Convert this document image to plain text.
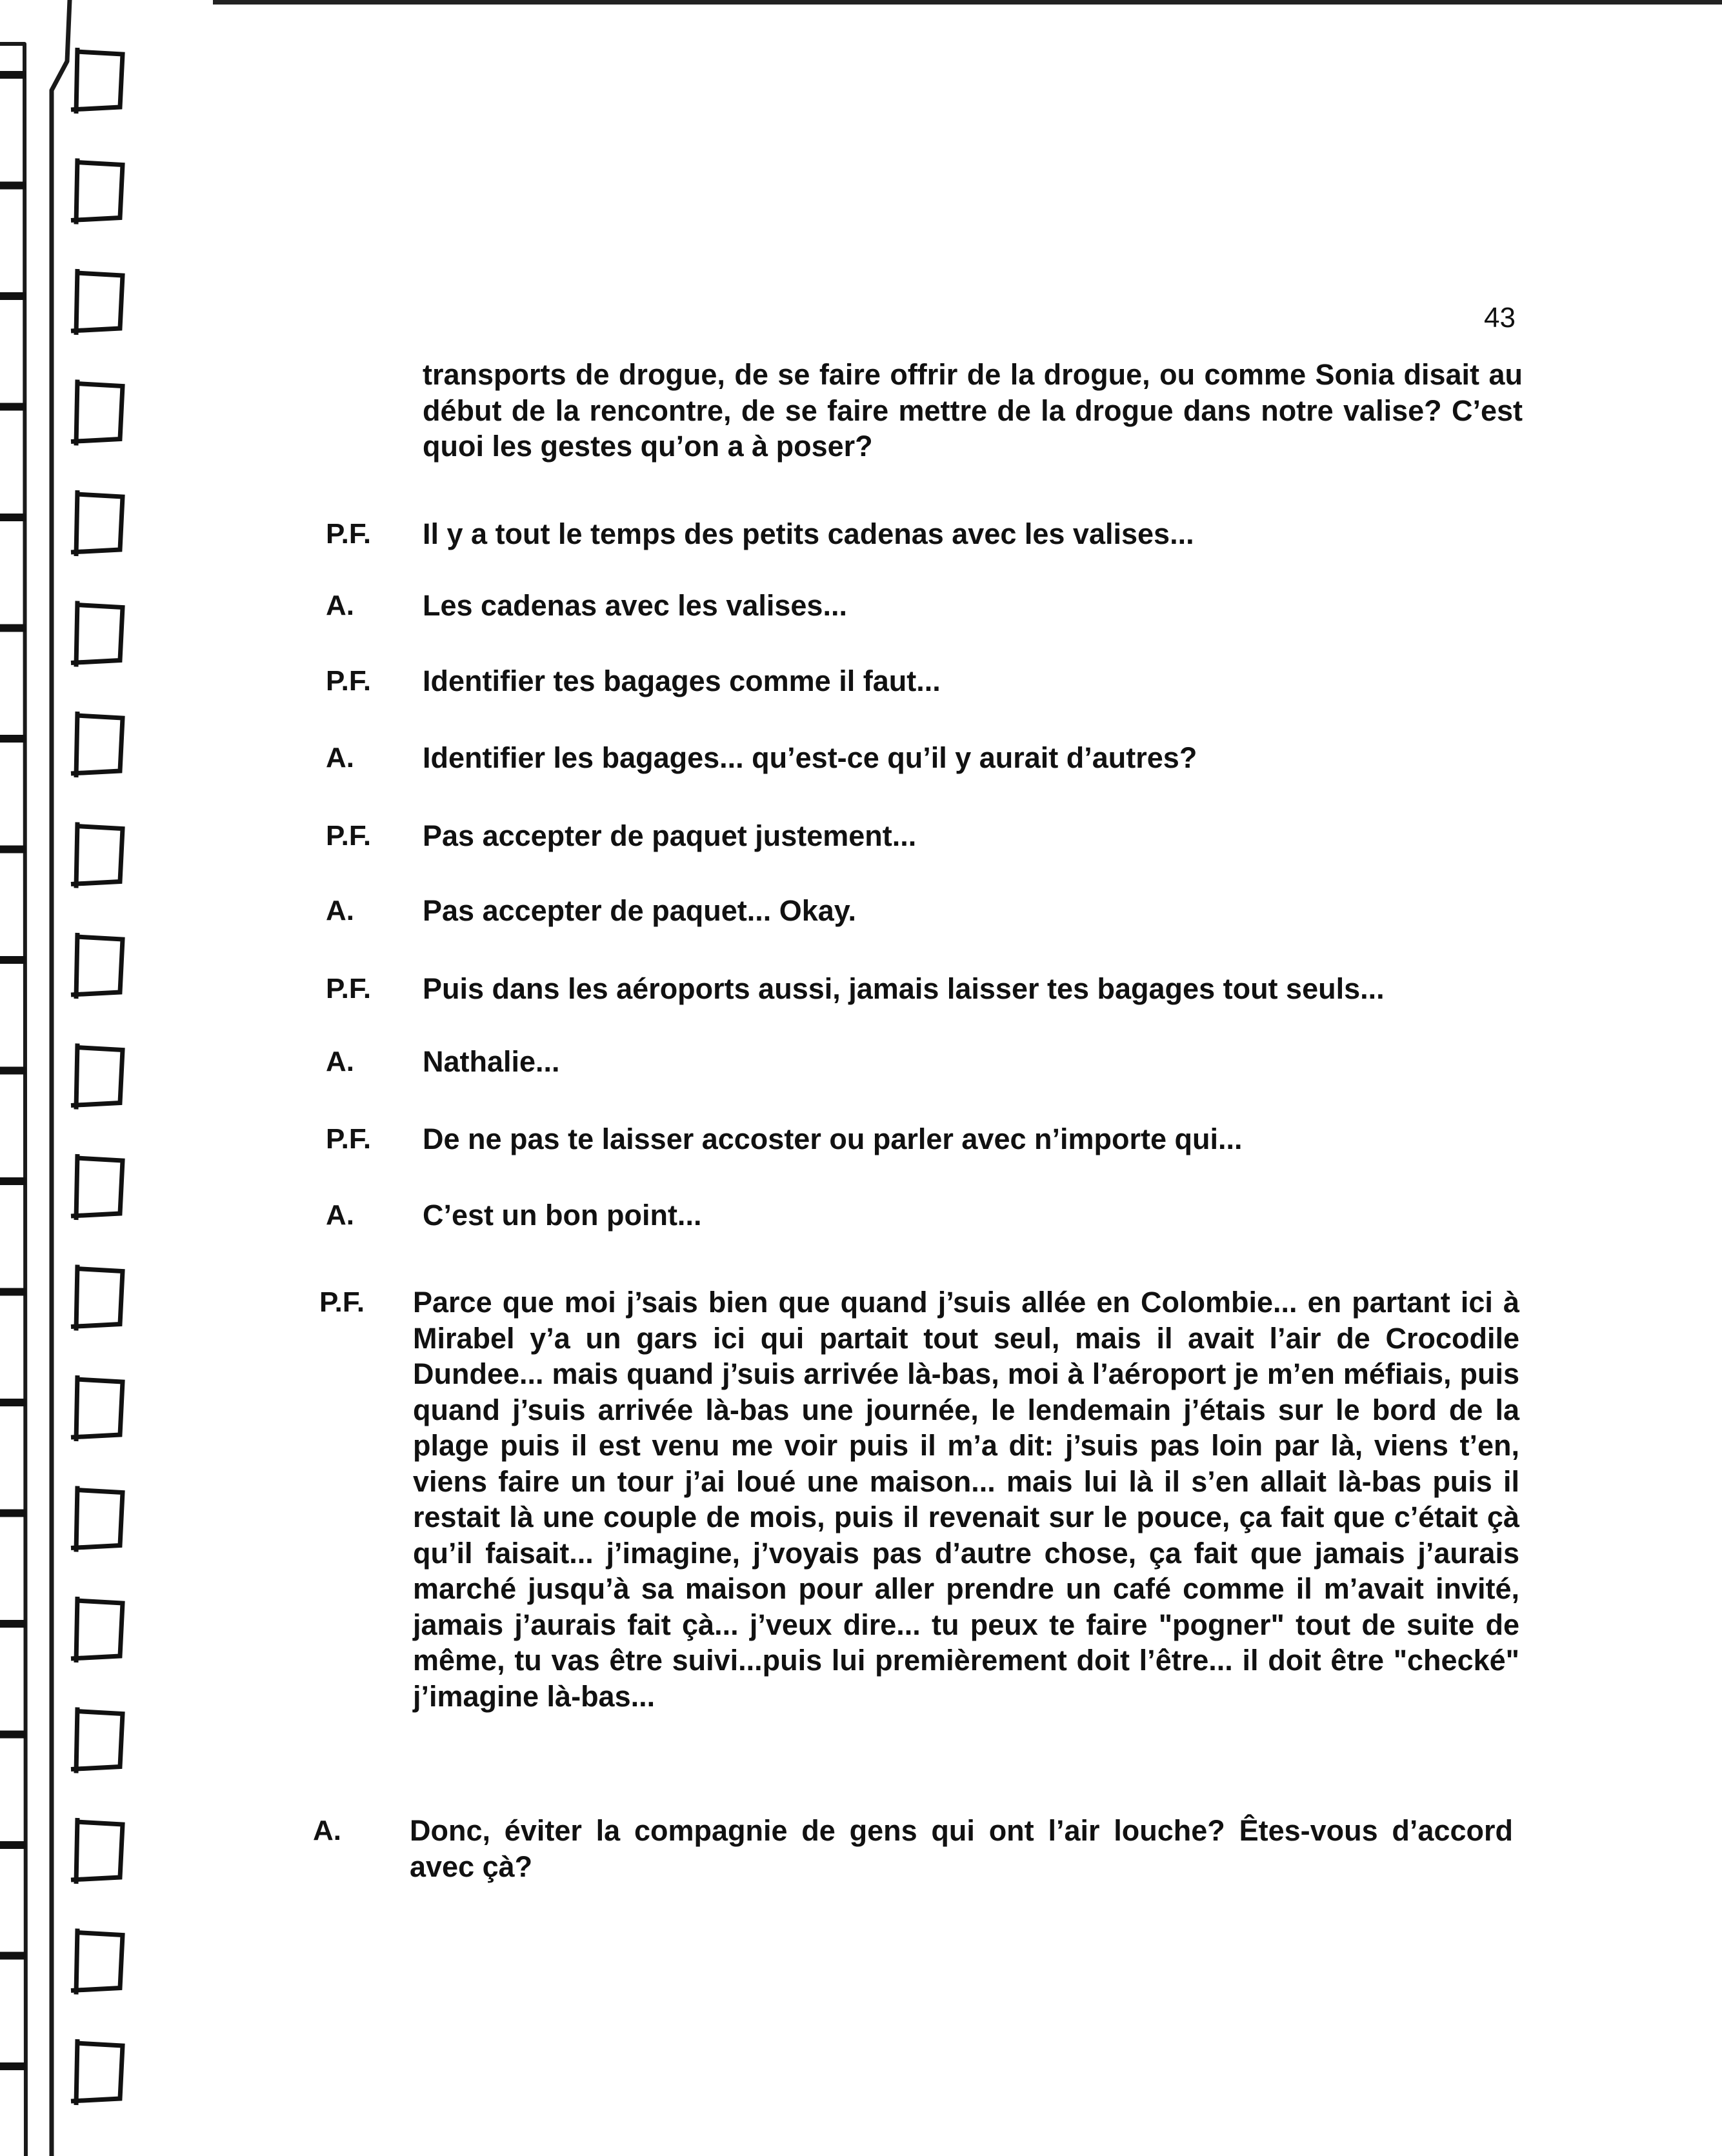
43
transports de drogue, de se faire offrir de la drogue, ou comme Sonia disait au début de la rencontre, de se faire mettre de la drogue dans notre valise? C’est quoi les gestes qu’on a à poser?
P.F. Il y a tout le temps des petits cadenas avec les valises...
A. Les cadenas avec les valises...
P.F. Identifier tes bagages comme il faut...
A. Identifier les bagages... qu’est-ce qu’il y aurait d’autres?
P.F. Pas accepter de paquet justement...
A. Pas accepter de paquet... Okay.
P.F. Puis dans les aéroports aussi, jamais laisser tes bagages tout seuls...
A. Nathalie...
P.F. De ne pas te laisser accoster ou parler avec n’importe qui...
A. C’est un bon point...
P.F. Parce que moi j’sais bien que quand j’suis allée en Colombie... en partant ici à Mirabel y’a un gars ici qui partait tout seul, mais il avait l’air de Crocodile Dundee... mais quand j’suis arrivée là-bas, moi à l’aéroport je m’en méfiais, puis quand j’suis arrivée là-bas une journée, le lendemain j’étais sur le bord de la plage puis il est venu me voir puis il m’a dit: j’suis pas loin par là, viens t’en, viens faire un tour j’ai loué une maison... mais lui là il s’en allait là-bas puis il restait là une couple de mois, puis il revenait sur le pouce, ça fait que c’était çà qu’il faisait... j’imagine, j’voyais pas d’autre chose, ça fait que jamais j’aurais marché jusqu’à sa maison pour aller prendre un café comme il m’avait invité, jamais j’aurais fait çà... j’veux dire... tu peux te faire "pogner" tout de suite de même, tu vas être suivi...puis lui premièrement doit l’être... il doit être "checké" j’imagine là-bas...
A. Donc, éviter la compagnie de gens qui ont l’air louche? Êtes-vous d’accord avec çà?
